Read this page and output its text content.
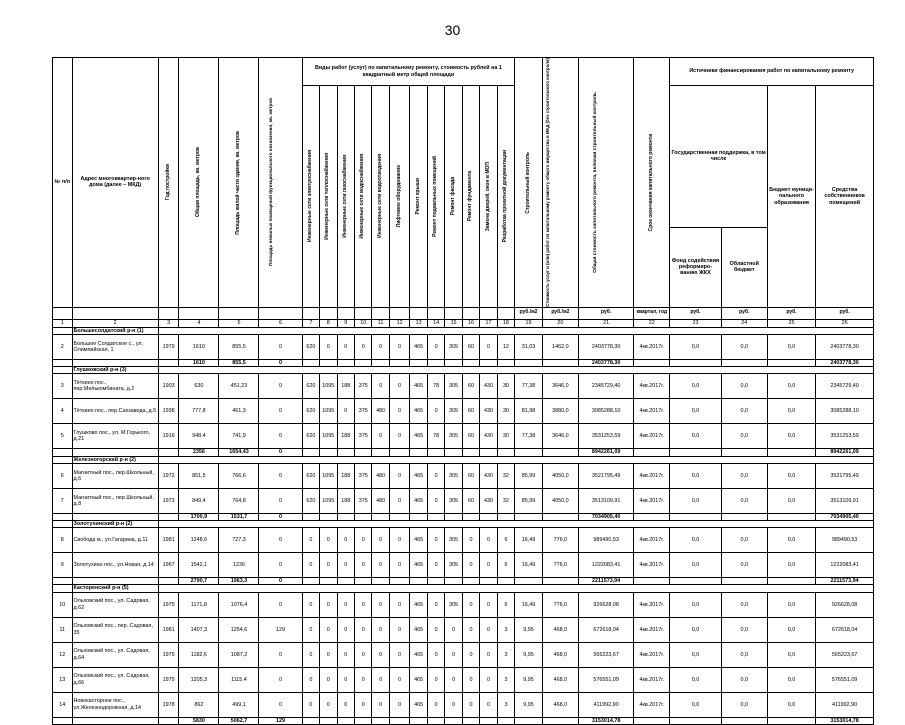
30
№ п/п	Адрес многоквартир-ного дома (далее – МКД)	Год постройки	Общая площадь, кв. метров	Площадь жилой части здания, кв. метров	Площадь нежилых помещений функционального назначения, кв. метров	Виды работ (услуг) по капитальному ремонту, стоимость рублей на 1 квадратный метр общей площади												Строительный контроль	Стоимость услуг и (или) работ по капитальному ремонту общего имущества в МКД (без строительного контроля)	Общая стоимость капитального ремонта, включая строительный контроль	Срок окончания капитального ремонта	Источники финансирования работ по капитальному ремонту			

						Инженерные сети электроснабжения	Инженерные сети теплоснабжения	Инженерные сети газоснабжения	Инженерные сети водоснабжения	Инженерные сети водоотведения	Лифтовое оборудование	Ремонт крыши	Ремонт подвальных помещений	Ремонт фасада	Ремонт фундамента	Замена дверей, окон в МОП	Разработка проектной документации					Государственная поддержка, в том числе		Бюджет муници-пального образования	Средства собственников помещений
																						Фонд содействия реформиро-ванию ЖКХ	Областной бюджет		
																		руб./м2	руб./м2	руб.	квартал, год	руб.	руб.	руб.	руб.
1	2	3	4	5	6	7	8	9	10	11	12	13	14	15	16	17	18	19	20	21	22	23	24	25	26
	Большесолдатский р-н (1)																								
2	Большое Солдатское с., ул. Олимпийская, 1	1979	1610	855,5	0	620	0	0	0	0	0	465	0	305	60	0	12	31,03	1462,0	2403778,30	4кв.2017г.	0,0	0,0	0,0	2403778,30
			1610	855,5	0															2403778,30					2403778,30
	Глушковский р-н (3)																								
3	Тёткино пос., пер.Мелькомбината, д.2	1903	630	451,23	0	620	1095	188	375	0	0	465	78	305	60	430	30	77,38	3646,0	2345729,40	4кв.2017г.	0,0	0,0	0,0	2345729,40
4	Тёткино пос., пер.Сахзавода, д.5	1938	777,8	461,3	0	620	1095	0	375	480	0	465	0	305	60	430	30	81,98	3880,0	3085288,10	4кв.2017г.	0,0	0,0	0,0	3085288,10
5	Глушково пос., ул. М.Горького, д.21	1916	948,4	741,9	0	620	1095	188	375	0	0	465	78	305	60	430	30	77,38	3646,0	3531253,59	4кв.2017г.	0,0	0,0	0,0	3531253,59
			2356	1654,43	0															8942261,09					8942261,09
	Железногорский р-н (2)																								
6	Магнитный пос., пер.Школьный, д.6	1972	851,5	766,6	0	620	1095	188	375	480	0	465	0	305	60	430	32	85,99	4050,0	3521795,49	4кв.2017г.	0,0	0,0	0,0	3521795,49
7	Магнитный пос., пер.Школьный, д.8	1973	849,4	764,8	0	620	1095	188	375	480	0	465	0	305	60	430	32	85,99	4050,0	3513109,91	4кв.2017г.	0,0	0,0	0,0	3513109,91
			1700,9	1531,7	0															7034905,40					7034905,40
	Золотухинский р-н (2)																								
8	Свобода м., ул.Гагарина, д.11	1981	1248,6	727,3	0	0	0	0	0	0	0	465	0	305	0	0	6	16,49	776,0	989490,53	4кв.2017г.	0,0	0,0	0,0	989490,53
9	Золотухино пос., ул.Новая, д.14	1967	1542,1	1236	0	0	0	0	0	0	0	465	0	305	0	0	6	16,49	776,0	1222083,41	4кв.2017г.	0,0	0,0	0,0	1222083,41
			2790,7	1963,3	0															2211573,94					2211573,94
	Касторенский р-н (5)																								
10	Ольховский пос., ул. Садовая, д.62	1975	1171,8	1076,4	0	0	0	0	0	0	0	465	0	305	0	0	6	16,49	776,0	926628,08	4кв.2017г.	0,0	0,0	0,0	926628,08
11	Ольховский пос., пер. Садовая, 35	1981	1407,3	1254,6	129	0	0	0	0	0	0	465	0	0	0	0	3	9,95	468,0	672618,04	4кв.2017г.	0,0	0,0	0,0	672618,04
12	Ольховский пос., ул. Садовая, д.64	1975	1182,6	1087,2	0	0	0	0	0	0	0	465	0	0	0	0	3	9,95	468,0	565223,67	4кв.2017г.	0,0	0,0	0,0	565223,67
13	Ольховский пос., ул. Садовая, д.66	1975	1205,3	1115,4	0	0	0	0	0	0	0	465	0	0	0	0	3	9,95	468,0	576551,09	4кв.2017г.	0,0	0,0	0,0	576551,09
14	Новокасторное пос., ул.Железнодорожная, д.14	1978	862	499,1	0	0	0	0	0	0	0	465	0	0	0	0	3	9,95	468,0	411992,90	4кв.2017г.	0,0	0,0	0,0	411992,90
			5830	5062,7	129															3153014,78					3153014,78
